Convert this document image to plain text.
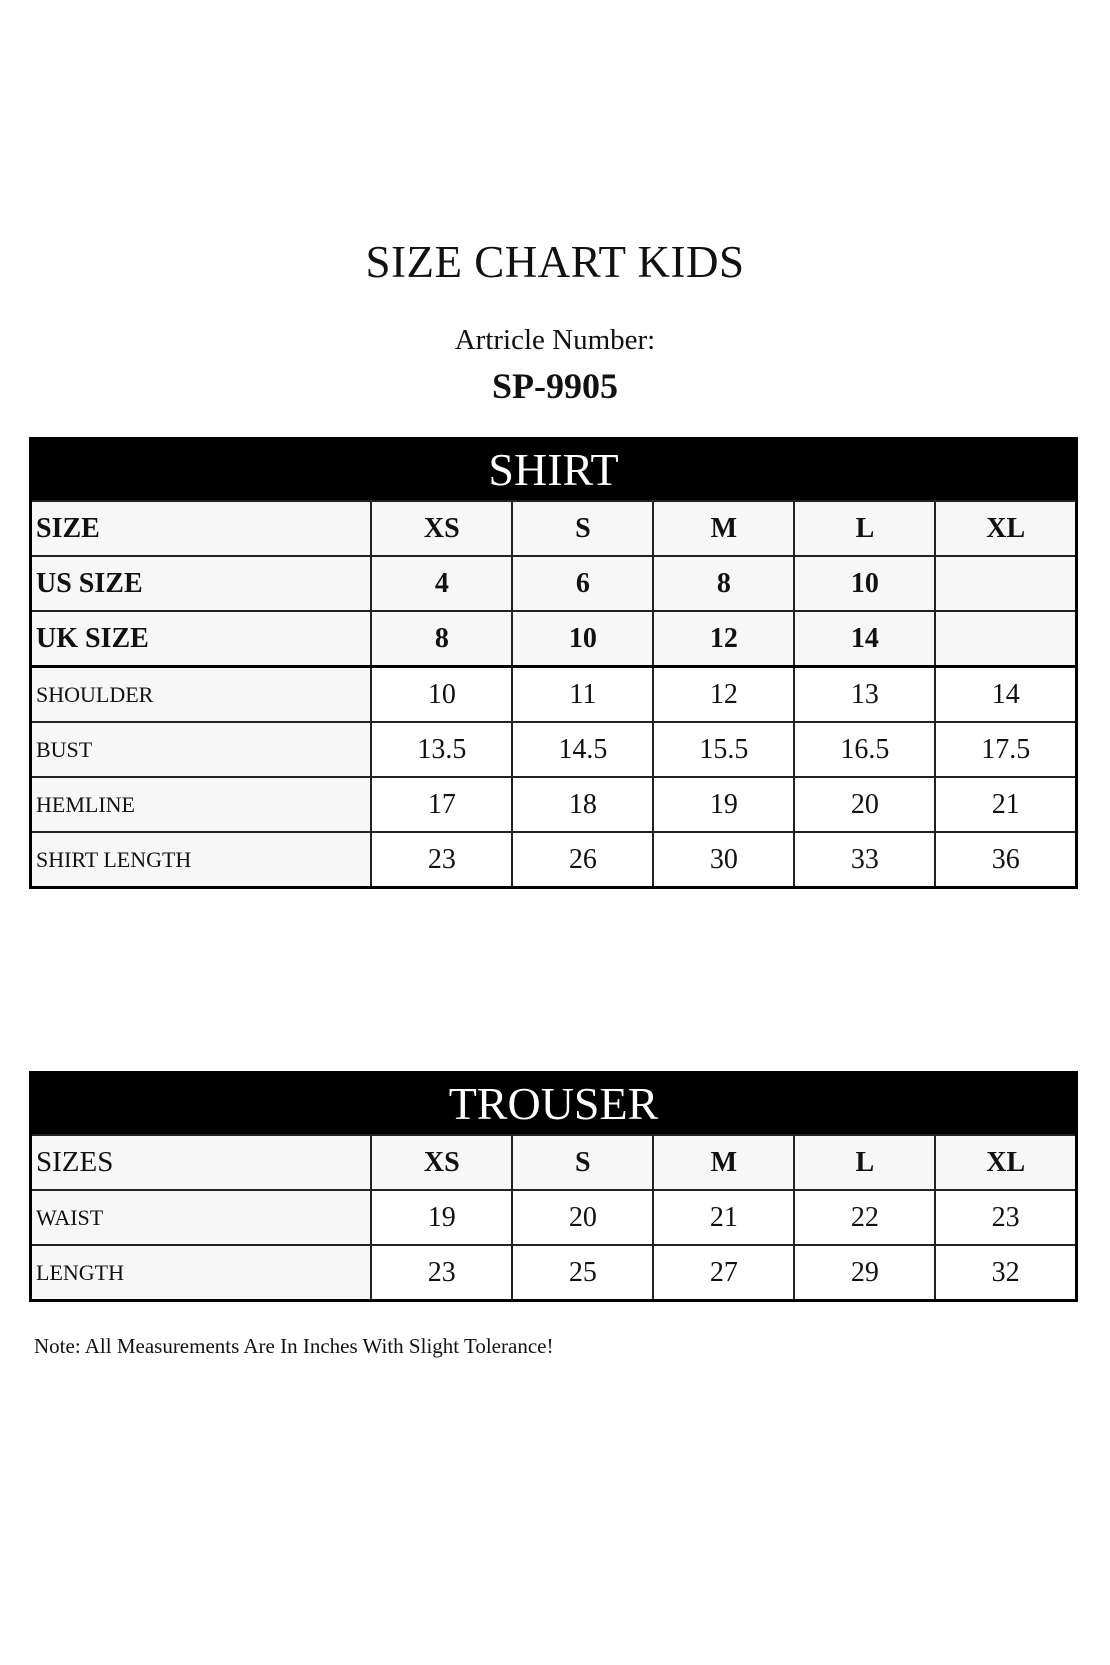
SIZE CHART KIDS
Artricle Number:
SP-9905
SHIRT					
SIZE	XS	S	M	L	XL
US SIZE	4	6	8	10	
UK SIZE	8	10	12	14	
SHOULDER	10	11	12	13	14
BUST	13.5	14.5	15.5	16.5	17.5
HEMLINE	17	18	19	20	21
SHIRT LENGTH	23	26	30	33	36
TROUSER					
SIZES	XS	S	M	L	XL
WAIST	19	20	21	22	23
LENGTH	23	25	27	29	32
Note: All Measurements Are In Inches With Slight Tolerance!
